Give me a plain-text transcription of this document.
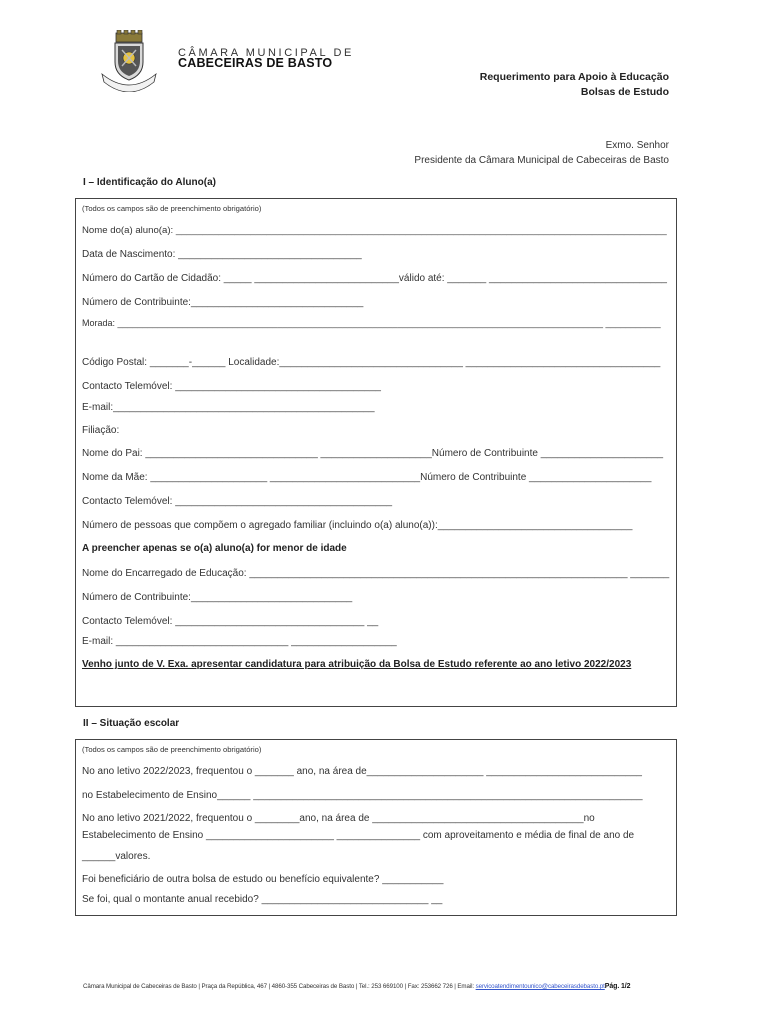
CÂMARA MUNICIPAL DE
CABECEIRAS DE BASTO
Requerimento para Apoio à Educação
Bolsas de Estudo
Exmo. Senhor
Presidente da Câmara Municipal de Cabeceiras de Basto
I – Identificação do Aluno(a)
(Todos os campos são de preenchimento obrigatório)
Nome do(a) aluno(a): ____________________________________________________________________________________________
Data de Nascimento: _________________________________
Número do Cartão de Cidadão: _____ __________________________válido até: _______ ________________________________
Número de Contribuinte:_______________________________
Morada: _________________________________________________________________________________________________ ___________
Código Postal: _______-______ Localidade:_________________________________ ___________________________________
Contacto Telemóvel: _____________________________________
E-mail:_______________________________________________
Filiação:
Nome do Pai: _______________________________ ____________________Número de Contribuinte ______________________
Nome da Mãe: _____________________ ___________________________Número de Contribuinte ______________________
Contacto Telemóvel: _______________________________________
Número de pessoas que compõem o agregado familiar (incluindo o(a) aluno(a)):___________________________________
A preencher apenas se o(a) aluno(a) for menor de idade
Nome do Encarregado de Educação: ____________________________________________________________________ _______
Número de Contribuinte:_____________________________
Contacto Telemóvel: __________________________________ __
E-mail: _______________________________ ___________________
Venho junto de V. Exa. apresentar candidatura para atribuição da Bolsa de Estudo referente ao ano letivo 2022/2023
II – Situação escolar
(Todos os campos são de preenchimento obrigatório)
No ano letivo 2022/2023, frequentou o _______ ano, na área de_____________________ ____________________________
no Estabelecimento de Ensino______ ______________________________________________________________________
No ano letivo 2021/2022, frequentou o ________ano, na área de ______________________________________no
Estabelecimento de Ensino _______________________ _______________ com aproveitamento e média de final de ano de
______valores.
Foi beneficiário de outra bolsa de estudo ou benefício equivalente? ___________
Se foi, qual o montante anual recebido? ______________________________ __
Câmara Municipal de Cabeceiras de Basto | Praça da República, 467 | 4860-355 Cabeceiras de Basto | Tel.: 253 669100 | Fax: 253662 726 | Email: servicoatendimentounico@cabeceirasdebasto.ptPág. 1/2
